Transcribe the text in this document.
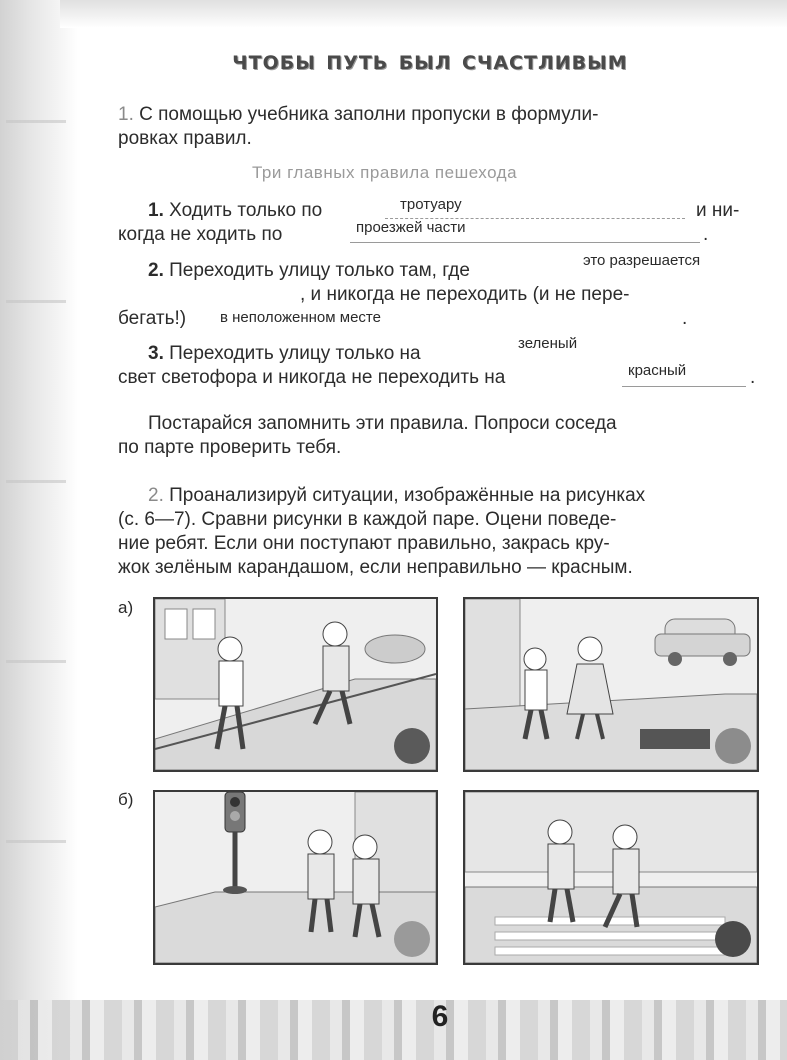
чтобы путь был счастливым
1. С помощью учебника заполни пропуски в формули-
ровках правил.
Три главных правила пешехода
1. Ходить только по	тротуару	и ни-
когда не ходить по	проезжей части	.
2. Переходить улицу только там, где	это разрешается
, и никогда не переходить (и не пере-
бегать!) в неположенном месте	.
3. Переходить улицу только на	зеленый
свет светофора и никогда не переходить на	красный	.
Постарайся запомнить эти правила. Попроси соседа
по парте проверить тебя.
2. Проанализируй ситуации, изображённые на рисунках
(с. 6—7). Сравни рисунки в каждой паре. Оцени поведе-
ние ребят. Если они поступают правильно, закрась кру-
жок зелёным карандашом, если неправильно — красным.
а)
б)
6
